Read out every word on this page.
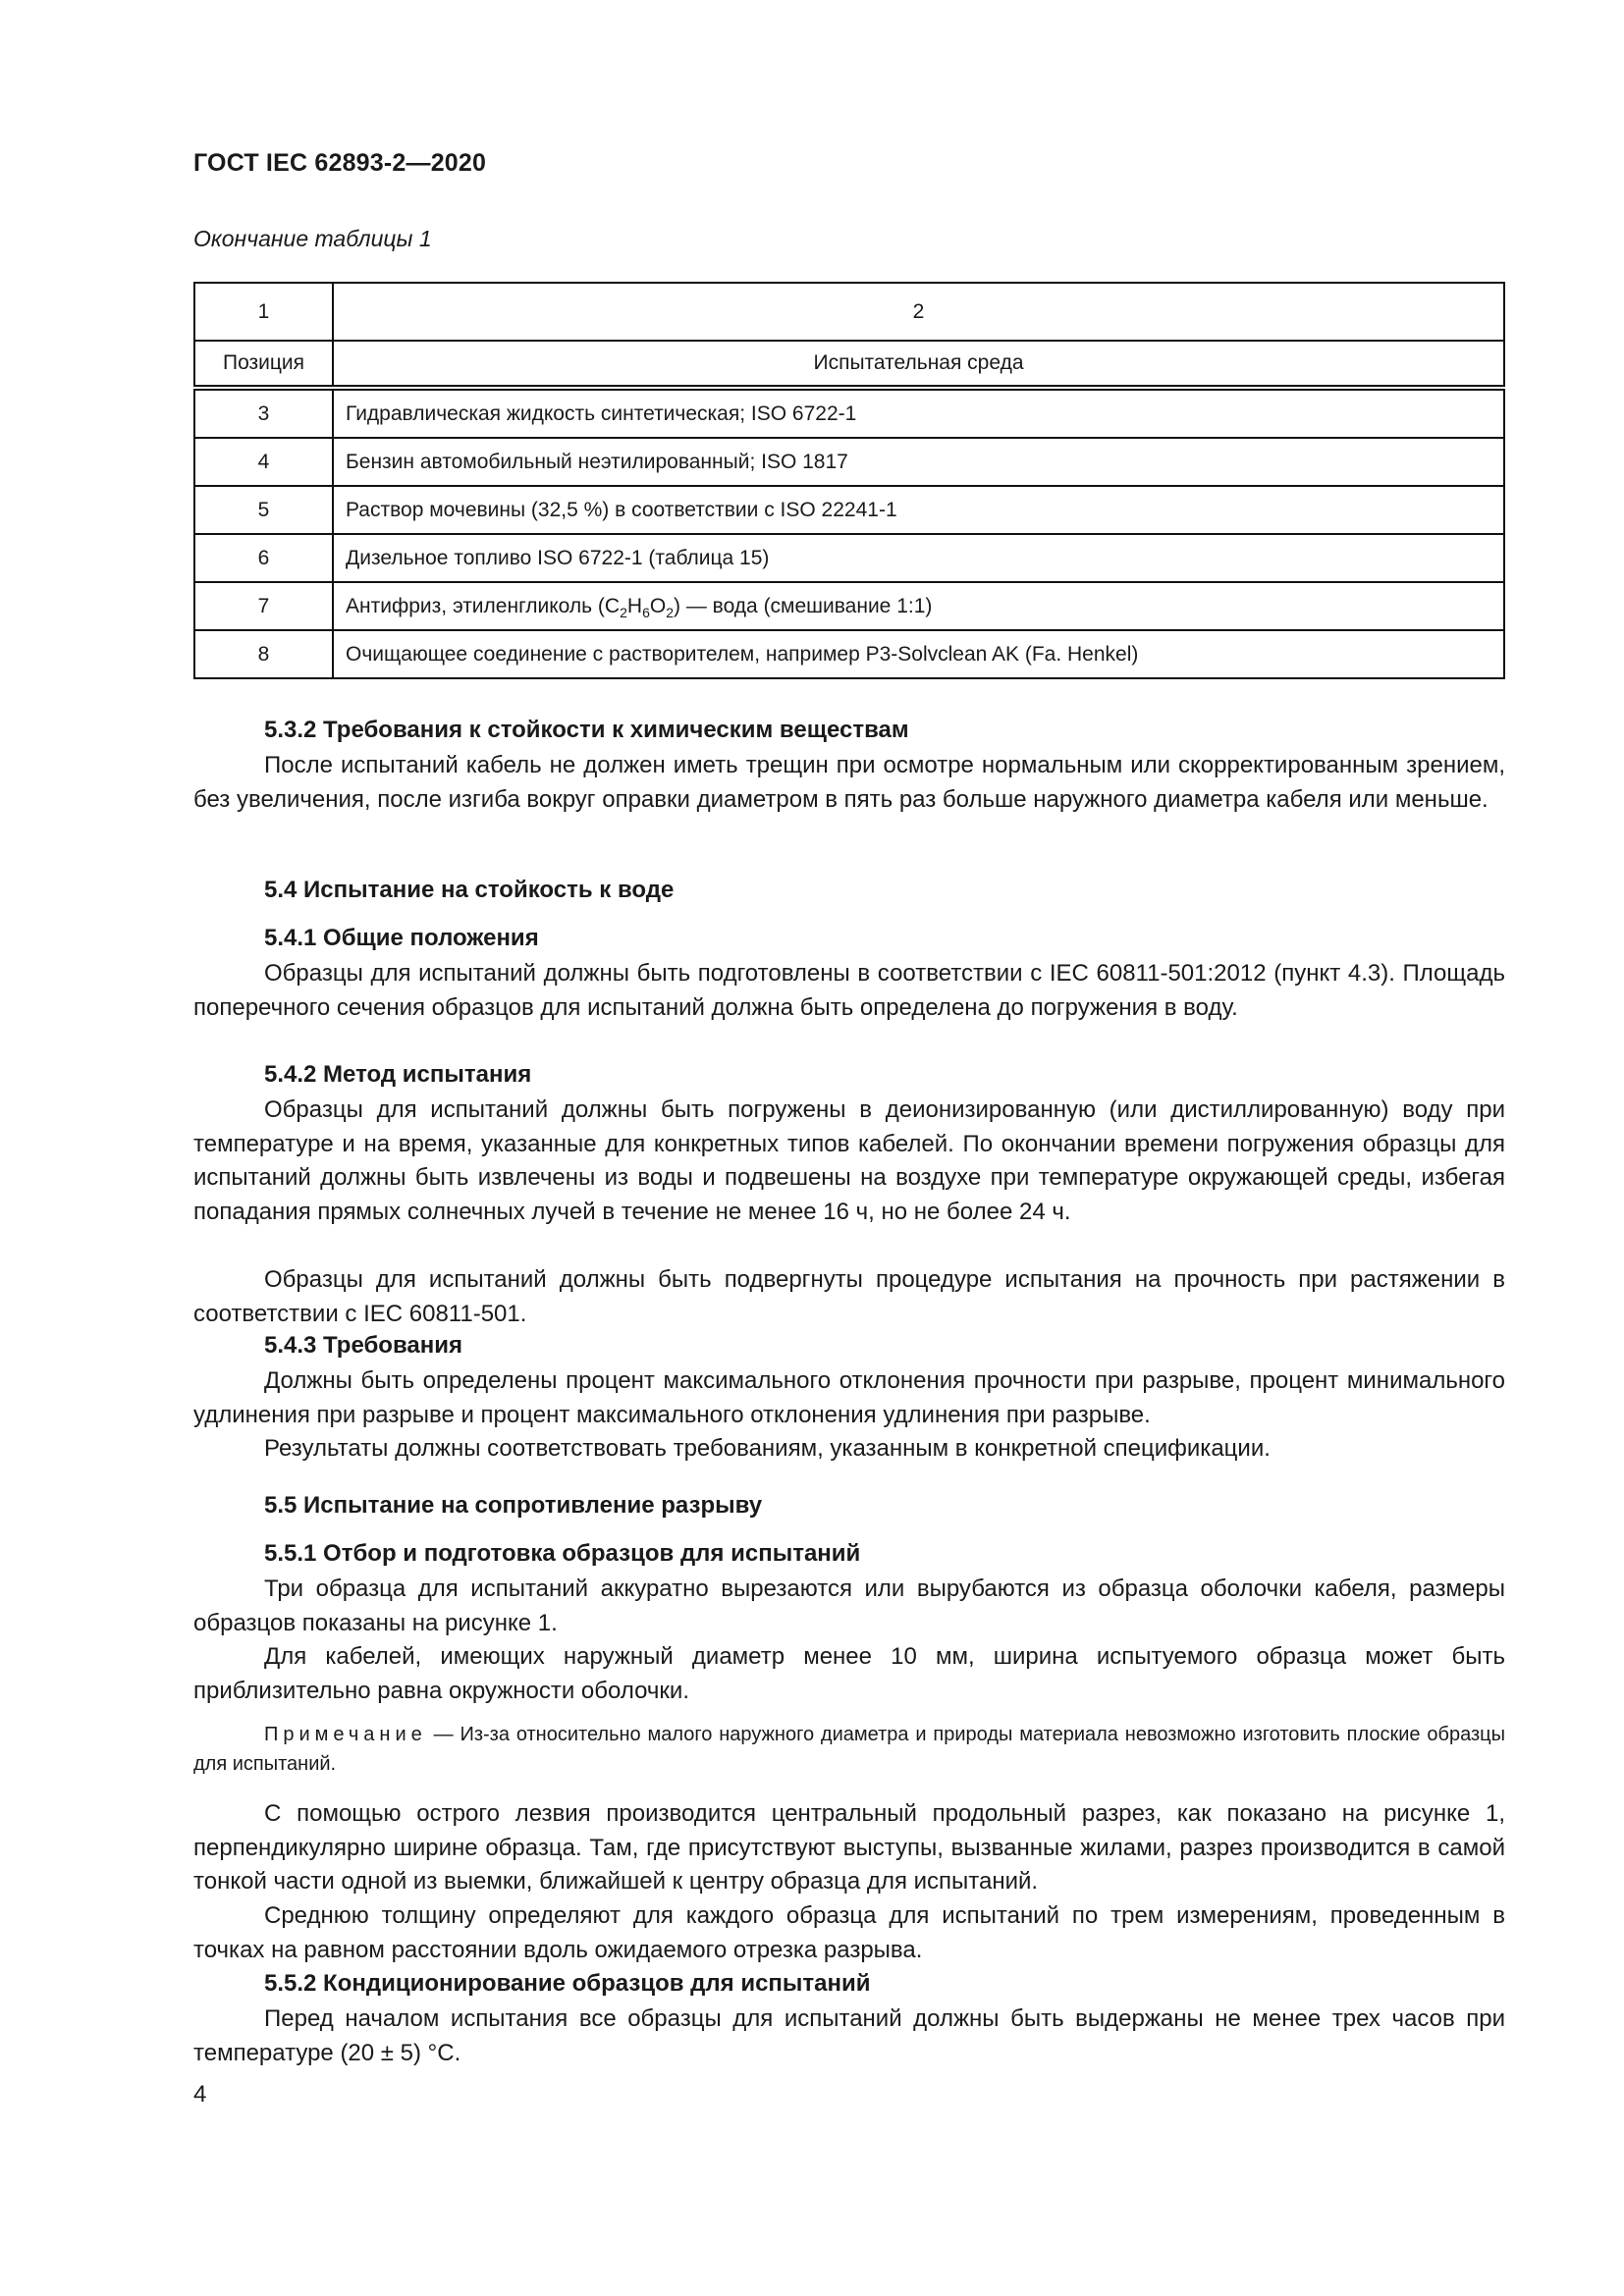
ГОСТ IEC 62893-2—2020
Окончание таблицы 1
1	2
Позиция	Испытательная среда
3	Гидравлическая жидкость синтетическая; ISO 6722-1
4	Бензин автомобильный неэтилированный; ISO 1817
5	Раствор мочевины (32,5 %) в соответствии с ISO 22241-1
6	Дизельное топливо ISO 6722-1 (таблица 15)
7	Антифриз, этиленгликоль $(C_2H_6O_2)$ — вода (смешивание 1:1)
8	Очищающее соединение с растворителем, например P3-Solvclean AK (Fa. Henkel)
5.3.2 Требования к стойкости к химическим веществам

После испытаний кабель не должен иметь трещин при осмотре нормальным или скорректированным зрением, без увеличения, после изгиба вокруг оправки диаметром в пять раз больше наружного диаметра кабеля или меньше.

5.4 Испытание на стойкость к воде
5.4.1 Общие положения

Образцы для испытаний должны быть подготовлены в соответствии с IEC 60811-501:2012 (пункт 4.3). Площадь поперечного сечения образцов для испытаний должна быть определена до погружения в воду.

5.4.2 Метод испытания

Образцы для испытаний должны быть погружены в деионизированную (или дистиллированную) воду при температуре и на время, указанные для конкретных типов кабелей. По окончании времени погружения образцы для испытаний должны быть извлечены из воды и подвешены на воздухе при температуре окружающей среды, избегая попадания прямых солнечных лучей в течение не менее 16 ч, но не более 24 ч.

Образцы для испытаний должны быть подвергнуты процедуре испытания на прочность при растяжении в соответствии с IEC 60811-501.

5.4.3 Требования

Должны быть определены процент максимального отклонения прочности при разрыве, процент минимального удлинения при разрыве и процент максимального отклонения удлинения при разрыве.

Результаты должны соответствовать требованиям, указанным в конкретной спецификации.

5.5 Испытание на сопротивление разрыву
5.5.1 Отбор и подготовка образцов для испытаний

Три образца для испытаний аккуратно вырезаются или вырубаются из образца оболочки кабеля, размеры образцов показаны на рисунке 1.

Для кабелей, имеющих наружный диаметр менее 10 мм, ширина испытуемого образца может быть приблизительно равна окружности оболочки.

Примечание — Из-за относительно малого наружного диаметра и природы материала невозможно изготовить плоские образцы для испытаний.

С помощью острого лезвия производится центральный продольный разрез, как показано на рисунке 1, перпендикулярно ширине образца. Там, где присутствуют выступы, вызванные жилами, разрез производится в самой тонкой части одной из выемки, ближайшей к центру образца для испытаний.

Среднюю толщину определяют для каждого образца для испытаний по трем измерениям, проведенным в точках на равном расстоянии вдоль ожидаемого отрезка разрыва.

5.5.2 Кондиционирование образцов для испытаний

Перед началом испытания все образцы для испытаний должны быть выдержаны не менее трех часов при температуре (20 ± 5) °C.

4
